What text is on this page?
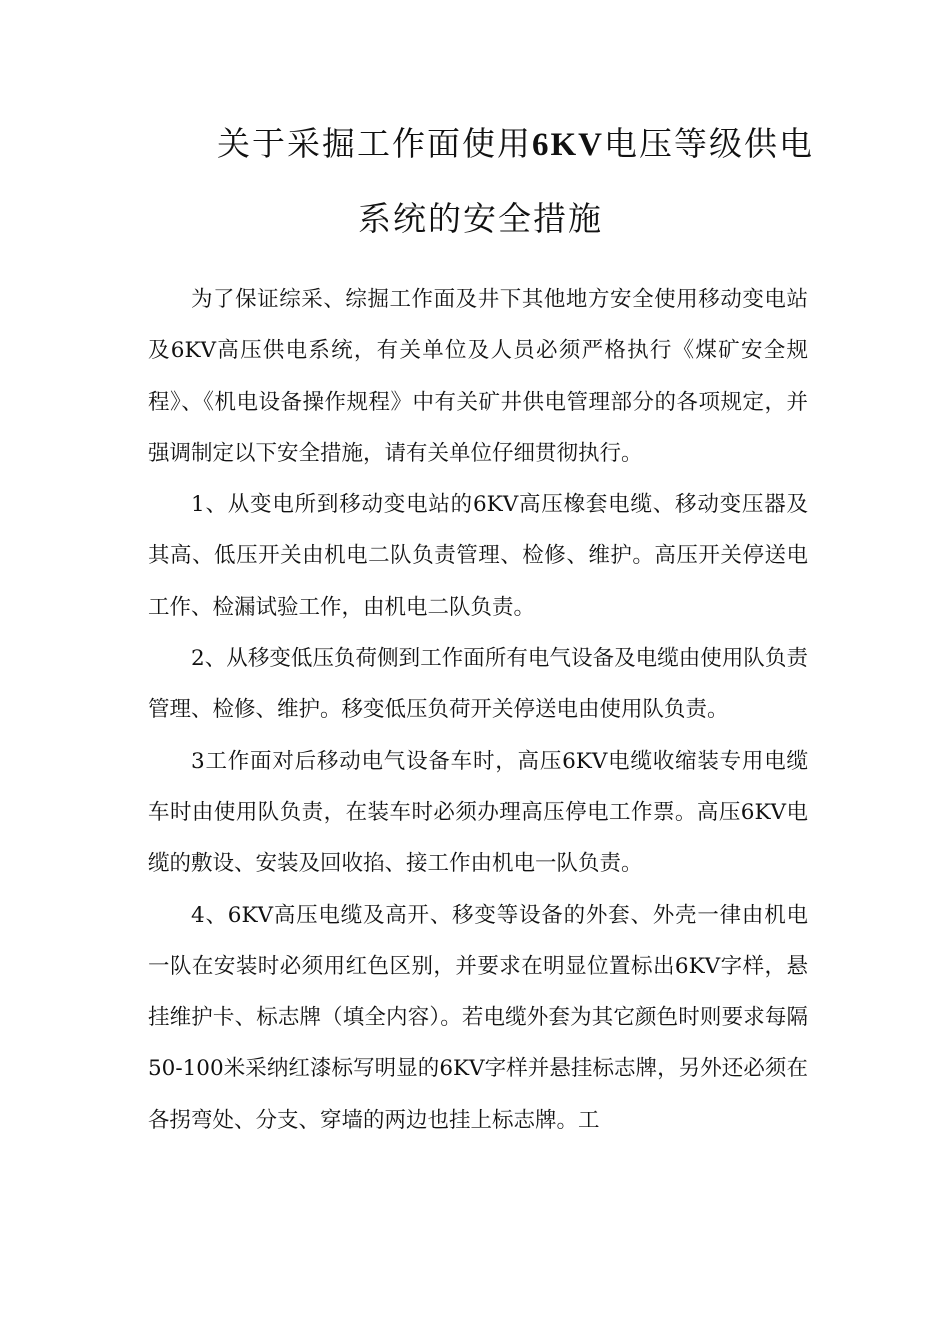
关于采掘工作面使用6KV电压等级供电
系统的安全措施

为了保证综采、综掘工作面及井下其他地方安全使用移动变电站及6KV高压供电系统，有关单位及人员必须严格执行《煤矿安全规程》、《机电设备操作规程》中有关矿井供电管理部分的各项规定，并强调制定以下安全措施，请有关单位仔细贯彻执行。

1、从变电所到移动变电站的6KV高压橡套电缆、移动变压器及其高、低压开关由机电二队负责管理、检修、维护。高压开关停送电工作、检漏试验工作，由机电二队负责。

2、从移变低压负荷侧到工作面所有电气设备及电缆由使用队负责管理、检修、维护。移变低压负荷开关停送电由使用队负责。

3工作面对后移动电气设备车时，高压6KV电缆收缩装专用电缆车时由使用队负责，在装车时必须办理高压停电工作票。高压6KV电缆的敷设、安装及回收掐、接工作由机电一队负责。

4、6KV高压电缆及高开、移变等设备的外套、外壳一律由机电一队在安装时必须用红色区别，并要求在明显位置标出6KV字样，悬挂维护卡、标志牌（填全内容）。若电缆外套为其它颜色时则要求每隔50-100米采纳红漆标写明显的6KV字样并悬挂标志牌，另外还必须在各拐弯处、分支、穿墙的两边也挂上标志牌。工
